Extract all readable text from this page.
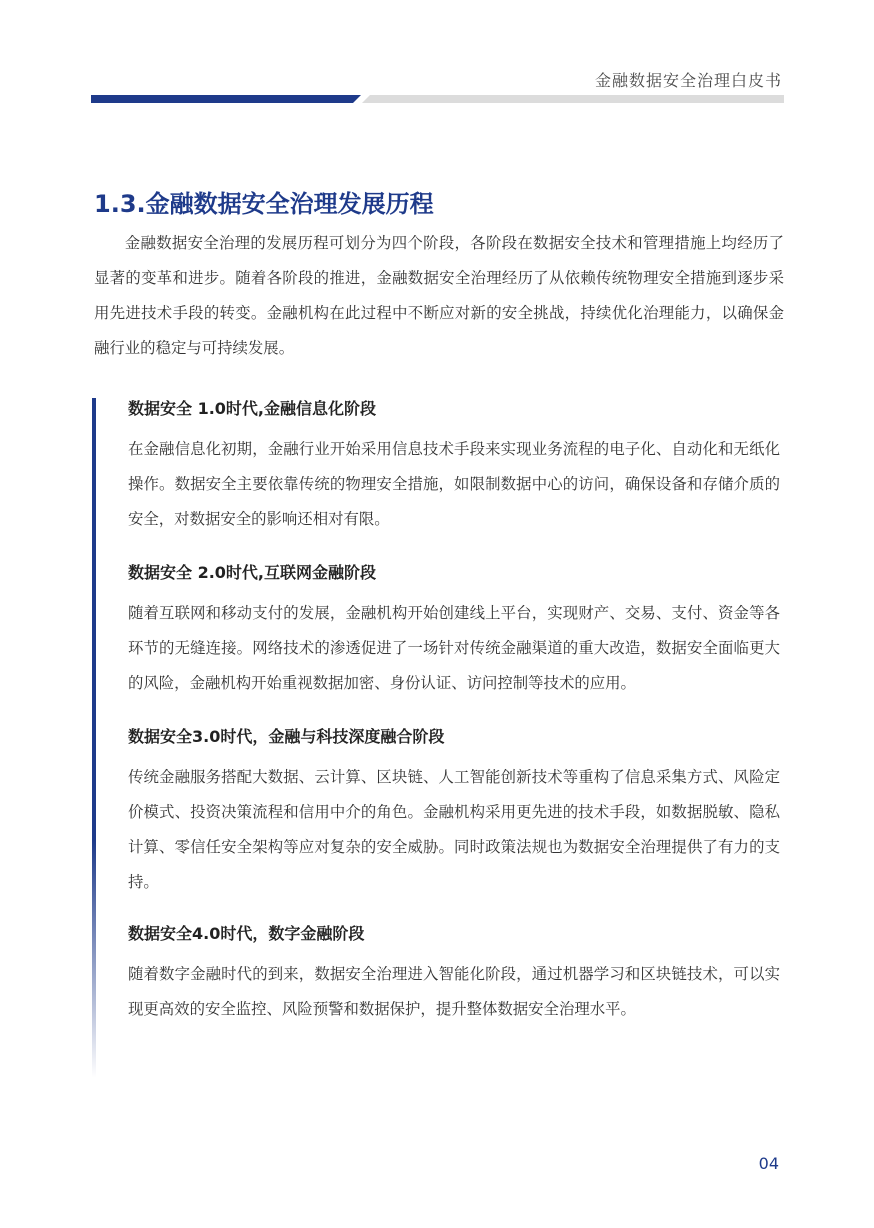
金融数据安全治理白皮书
1.3.金融数据安全治理发展历程

金融数据安全治理的发展历程可划分为四个阶段，各阶段在数据安全技术和管理措施上均经历了显著的变革和进步。随着各阶段的推进，金融数据安全治理经历了从依赖传统物理安全措施到逐步采用先进技术手段的转变。金融机构在此过程中不断应对新的安全挑战，持续优化治理能力，以确保金融行业的稳定与可持续发展。

数据安全 1.0时代,金融信息化阶段

在金融信息化初期，金融行业开始采用信息技术手段来实现业务流程的电子化、自动化和无纸化操作。数据安全主要依靠传统的物理安全措施，如限制数据中心的访问，确保设备和存储介质的安全，对数据安全的影响还相对有限。

数据安全 2.0时代,互联网金融阶段

随着互联网和移动支付的发展，金融机构开始创建线上平台，实现财产、交易、支付、资金等各环节的无缝连接。网络技术的渗透促进了一场针对传统金融渠道的重大改造，数据安全面临更大的风险，金融机构开始重视数据加密、身份认证、访问控制等技术的应用。

数据安全3.0时代，金融与科技深度融合阶段

传统金融服务搭配大数据、云计算、区块链、人工智能创新技术等重构了信息采集方式、风险定价模式、投资决策流程和信用中介的角色。金融机构采用更先进的技术手段，如数据脱敏、隐私计算、零信任安全架构等应对复杂的安全威胁。同时政策法规也为数据安全治理提供了有力的支持。

数据安全4.0时代，数字金融阶段

随着数字金融时代的到来，数据安全治理进入智能化阶段，通过机器学习和区块链技术，可以实现更高效的安全监控、风险预警和数据保护，提升整体数据安全治理水平。

04
